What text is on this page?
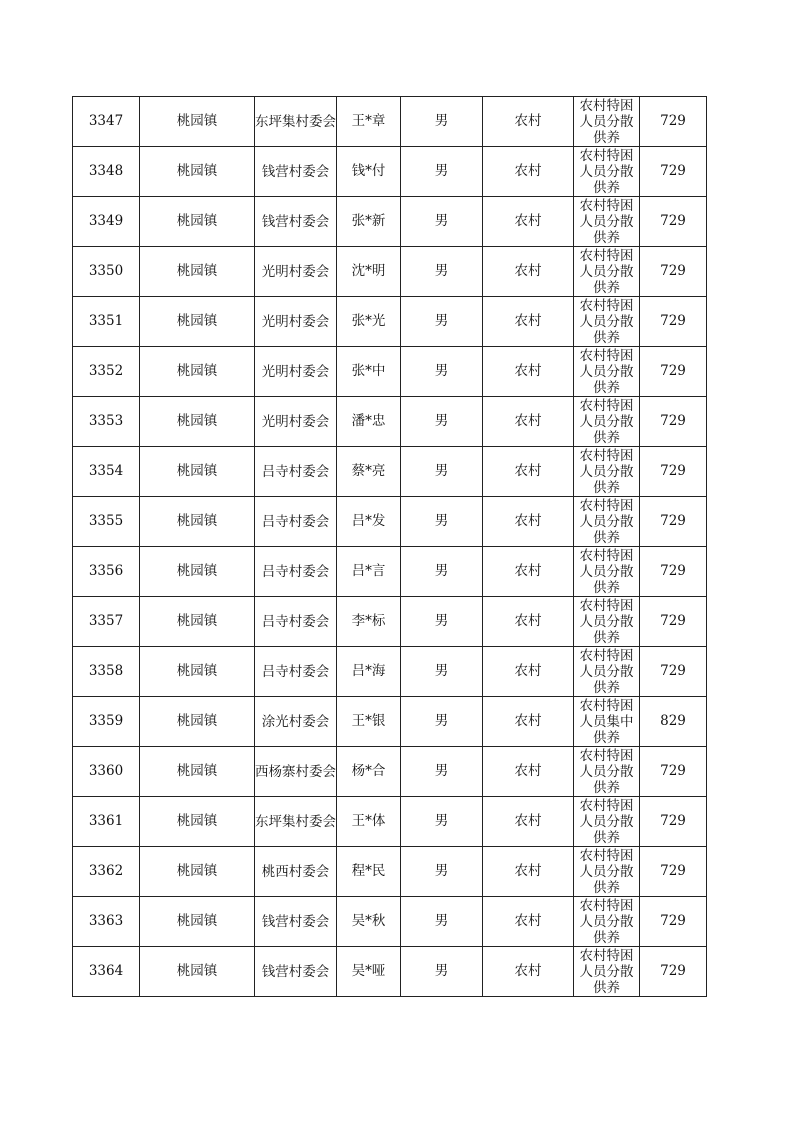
3347	桃园镇	东坪集村委会	王*章	男	农村	农村特困人员分散供养	729
3348	桃园镇	钱营村委会	钱*付	男	农村	农村特困人员分散供养	729
3349	桃园镇	钱营村委会	张*新	男	农村	农村特困人员分散供养	729
3350	桃园镇	光明村委会	沈*明	男	农村	农村特困人员分散供养	729
3351	桃园镇	光明村委会	张*光	男	农村	农村特困人员分散供养	729
3352	桃园镇	光明村委会	张*中	男	农村	农村特困人员分散供养	729
3353	桃园镇	光明村委会	潘*忠	男	农村	农村特困人员分散供养	729
3354	桃园镇	吕寺村委会	蔡*亮	男	农村	农村特困人员分散供养	729
3355	桃园镇	吕寺村委会	吕*发	男	农村	农村特困人员分散供养	729
3356	桃园镇	吕寺村委会	吕*言	男	农村	农村特困人员分散供养	729
3357	桃园镇	吕寺村委会	李*标	男	农村	农村特困人员分散供养	729
3358	桃园镇	吕寺村委会	吕*海	男	农村	农村特困人员分散供养	729
3359	桃园镇	涂光村委会	王*银	男	农村	农村特困人员集中供养	829
3360	桃园镇	西杨寨村委会	杨*合	男	农村	农村特困人员分散供养	729
3361	桃园镇	东坪集村委会	王*体	男	农村	农村特困人员分散供养	729
3362	桃园镇	桃西村委会	程*民	男	农村	农村特困人员分散供养	729
3363	桃园镇	钱营村委会	吴*秋	男	农村	农村特困人员分散供养	729
3364	桃园镇	钱营村委会	吴*哑	男	农村	农村特困人员分散供养	729
